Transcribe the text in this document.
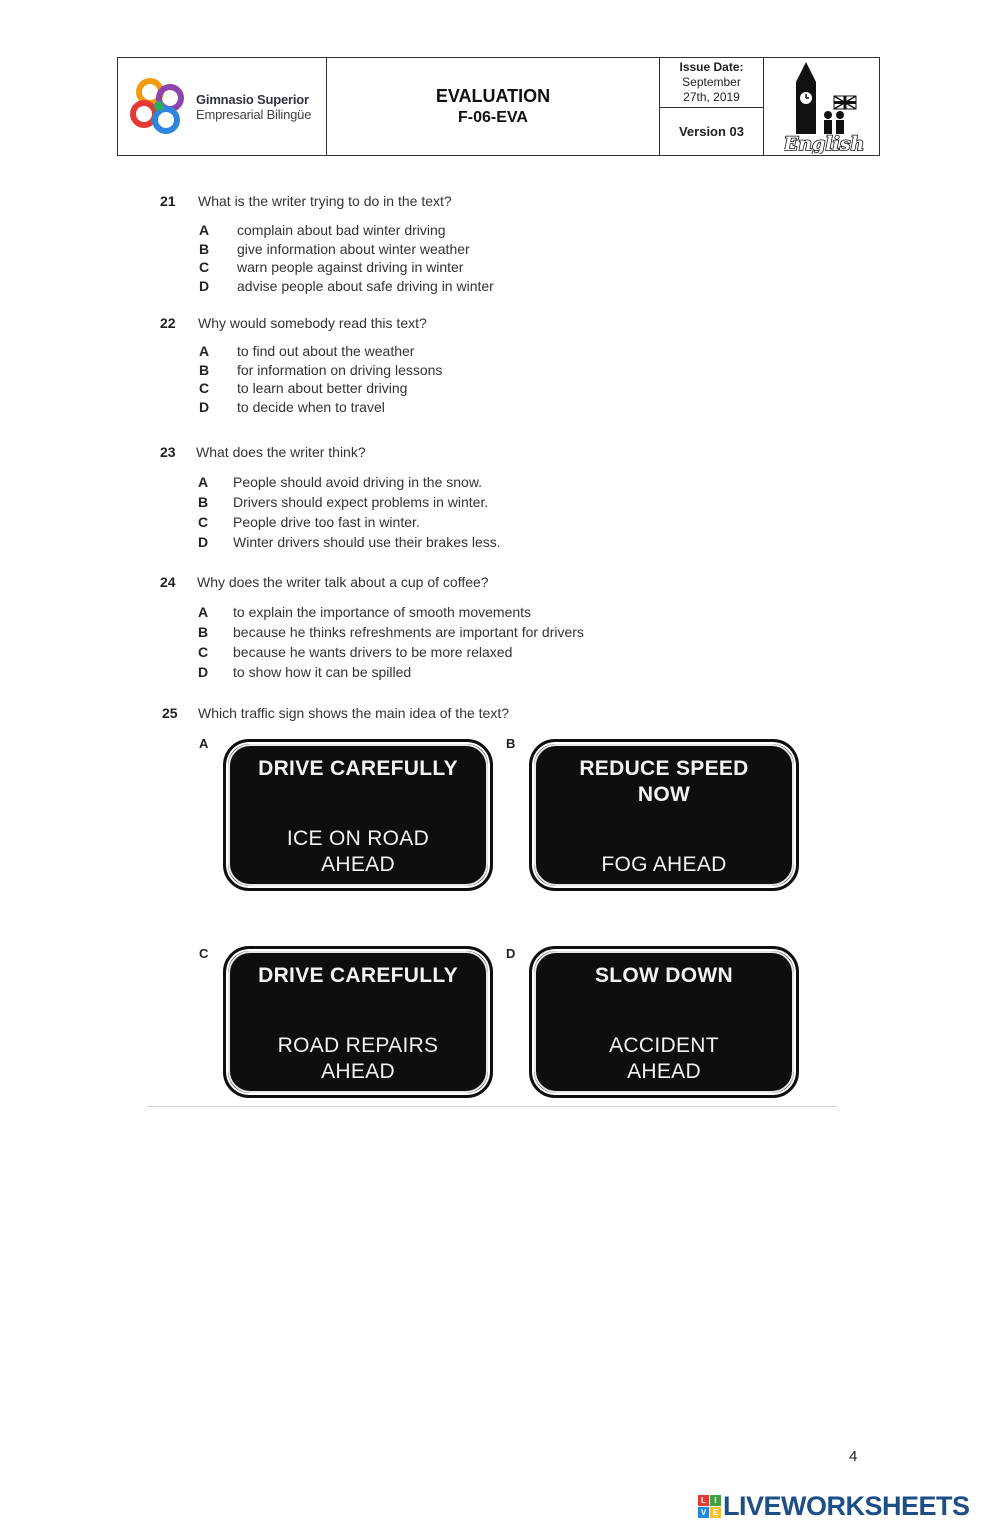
Gimnasio Superior
Empresarial Bilingüe
EVALUATION
F-06-EVA
Issue Date:
September
27th, 2019
Version 03
English
21 What is the writer trying to do in the text?
A complain about bad winter driving
B give information about winter weather
C warn people against driving in winter
D advise people about safe driving in winter
22 Why would somebody read this text?
A to find out about the weather
B for information on driving lessons
C to learn about better driving
D to decide when to travel
23 What does the writer think?
A People should avoid driving in the snow.
B Drivers should expect problems in winter.
C People drive too fast in winter.
D Winter drivers should use their brakes less.
24 Why does the writer talk about a cup of coffee?
A to explain the importance of smooth movements
B because he thinks refreshments are important for drivers
C because he wants drivers to be more relaxed
D to show how it can be spilled
25 Which traffic sign shows the main idea of the text?
A
DRIVE CAREFULLY
ICE ON ROAD
AHEAD
B
REDUCE SPEED
NOW
FOG AHEAD
C
DRIVE CAREFULLY
ROAD REPAIRS
AHEAD
D
SLOW DOWN
ACCIDENT
AHEAD
4
L	I
V E LIVEWORKSHEETS
